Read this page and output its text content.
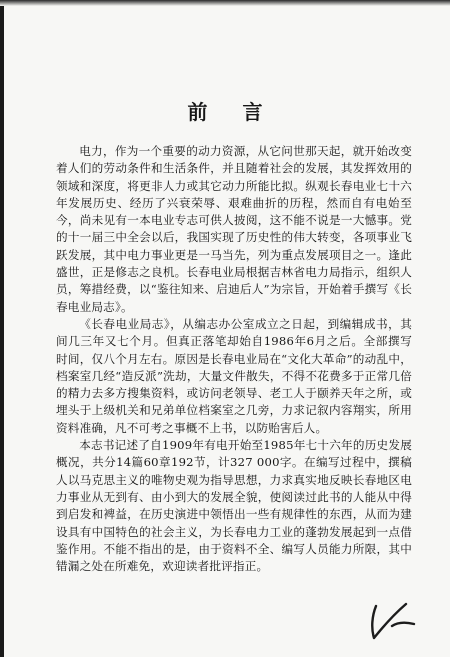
前 言

电力，作为一个重要的动力资源，从它问世那天起，就开始改变着人们的劳动条件和生活条件，并且随着社会的发展，其发挥效用的领域和深度，将更非人力或其它动力所能比拟。纵观长春电业七十六年发展历史、经历了兴衰荣辱、艰难曲折的历程，然而自有电始至今，尚未见有一本电业专志可供人披阅，这不能不说是一大憾事。党的十一届三中全会以后，我国实现了历史性的伟大转变，各项事业飞跃发展，其中电力事业更是一马当先，列为重点发展项目之一。逢此盛世，正是修志之良机。长春电业局根据吉林省电力局指示，组织人员，筹措经费，以“鉴往知来、启迪后人”为宗旨，开始着手撰写《长春电业局志》。

《长春电业局志》，从编志办公室成立之日起，到编辑成书，其间几三年又七个月。但真正落笔却始自1986年6月之后。全部撰写时间，仅八个月左右。原因是长春电业局在“文化大革命”的动乱中，档案室几经“造反派”洗劫，大量文件散失，不得不花费多于正常几倍的精力去多方搜集资料，或访问老领导、老工人于颐养天年之所，或埋头于上级机关和兄弟单位档案室之几旁，力求记叙内容翔实，所用资料准确，凡不可考之事概不上书，以防贻害后人。

本志书记述了自1909年有电开始至1985年七十六年的历史发展概况，共分14篇60章192节，计327 000字。在编写过程中，撰稿人以马克思主义的唯物史观为指导思想，力求真实地反映长春地区电力事业从无到有、由小到大的发展全貌，使阅读过此书的人能从中得到启发和裨益，在历史演进中领悟出一些有规律性的东西，从而为建设具有中国特色的社会主义，为长春电力工业的蓬勃发展起到一点借鉴作用。不能不指出的是，由于资料不全、编写人员能力所限，其中错漏之处在所难免，欢迎读者批评指正。
